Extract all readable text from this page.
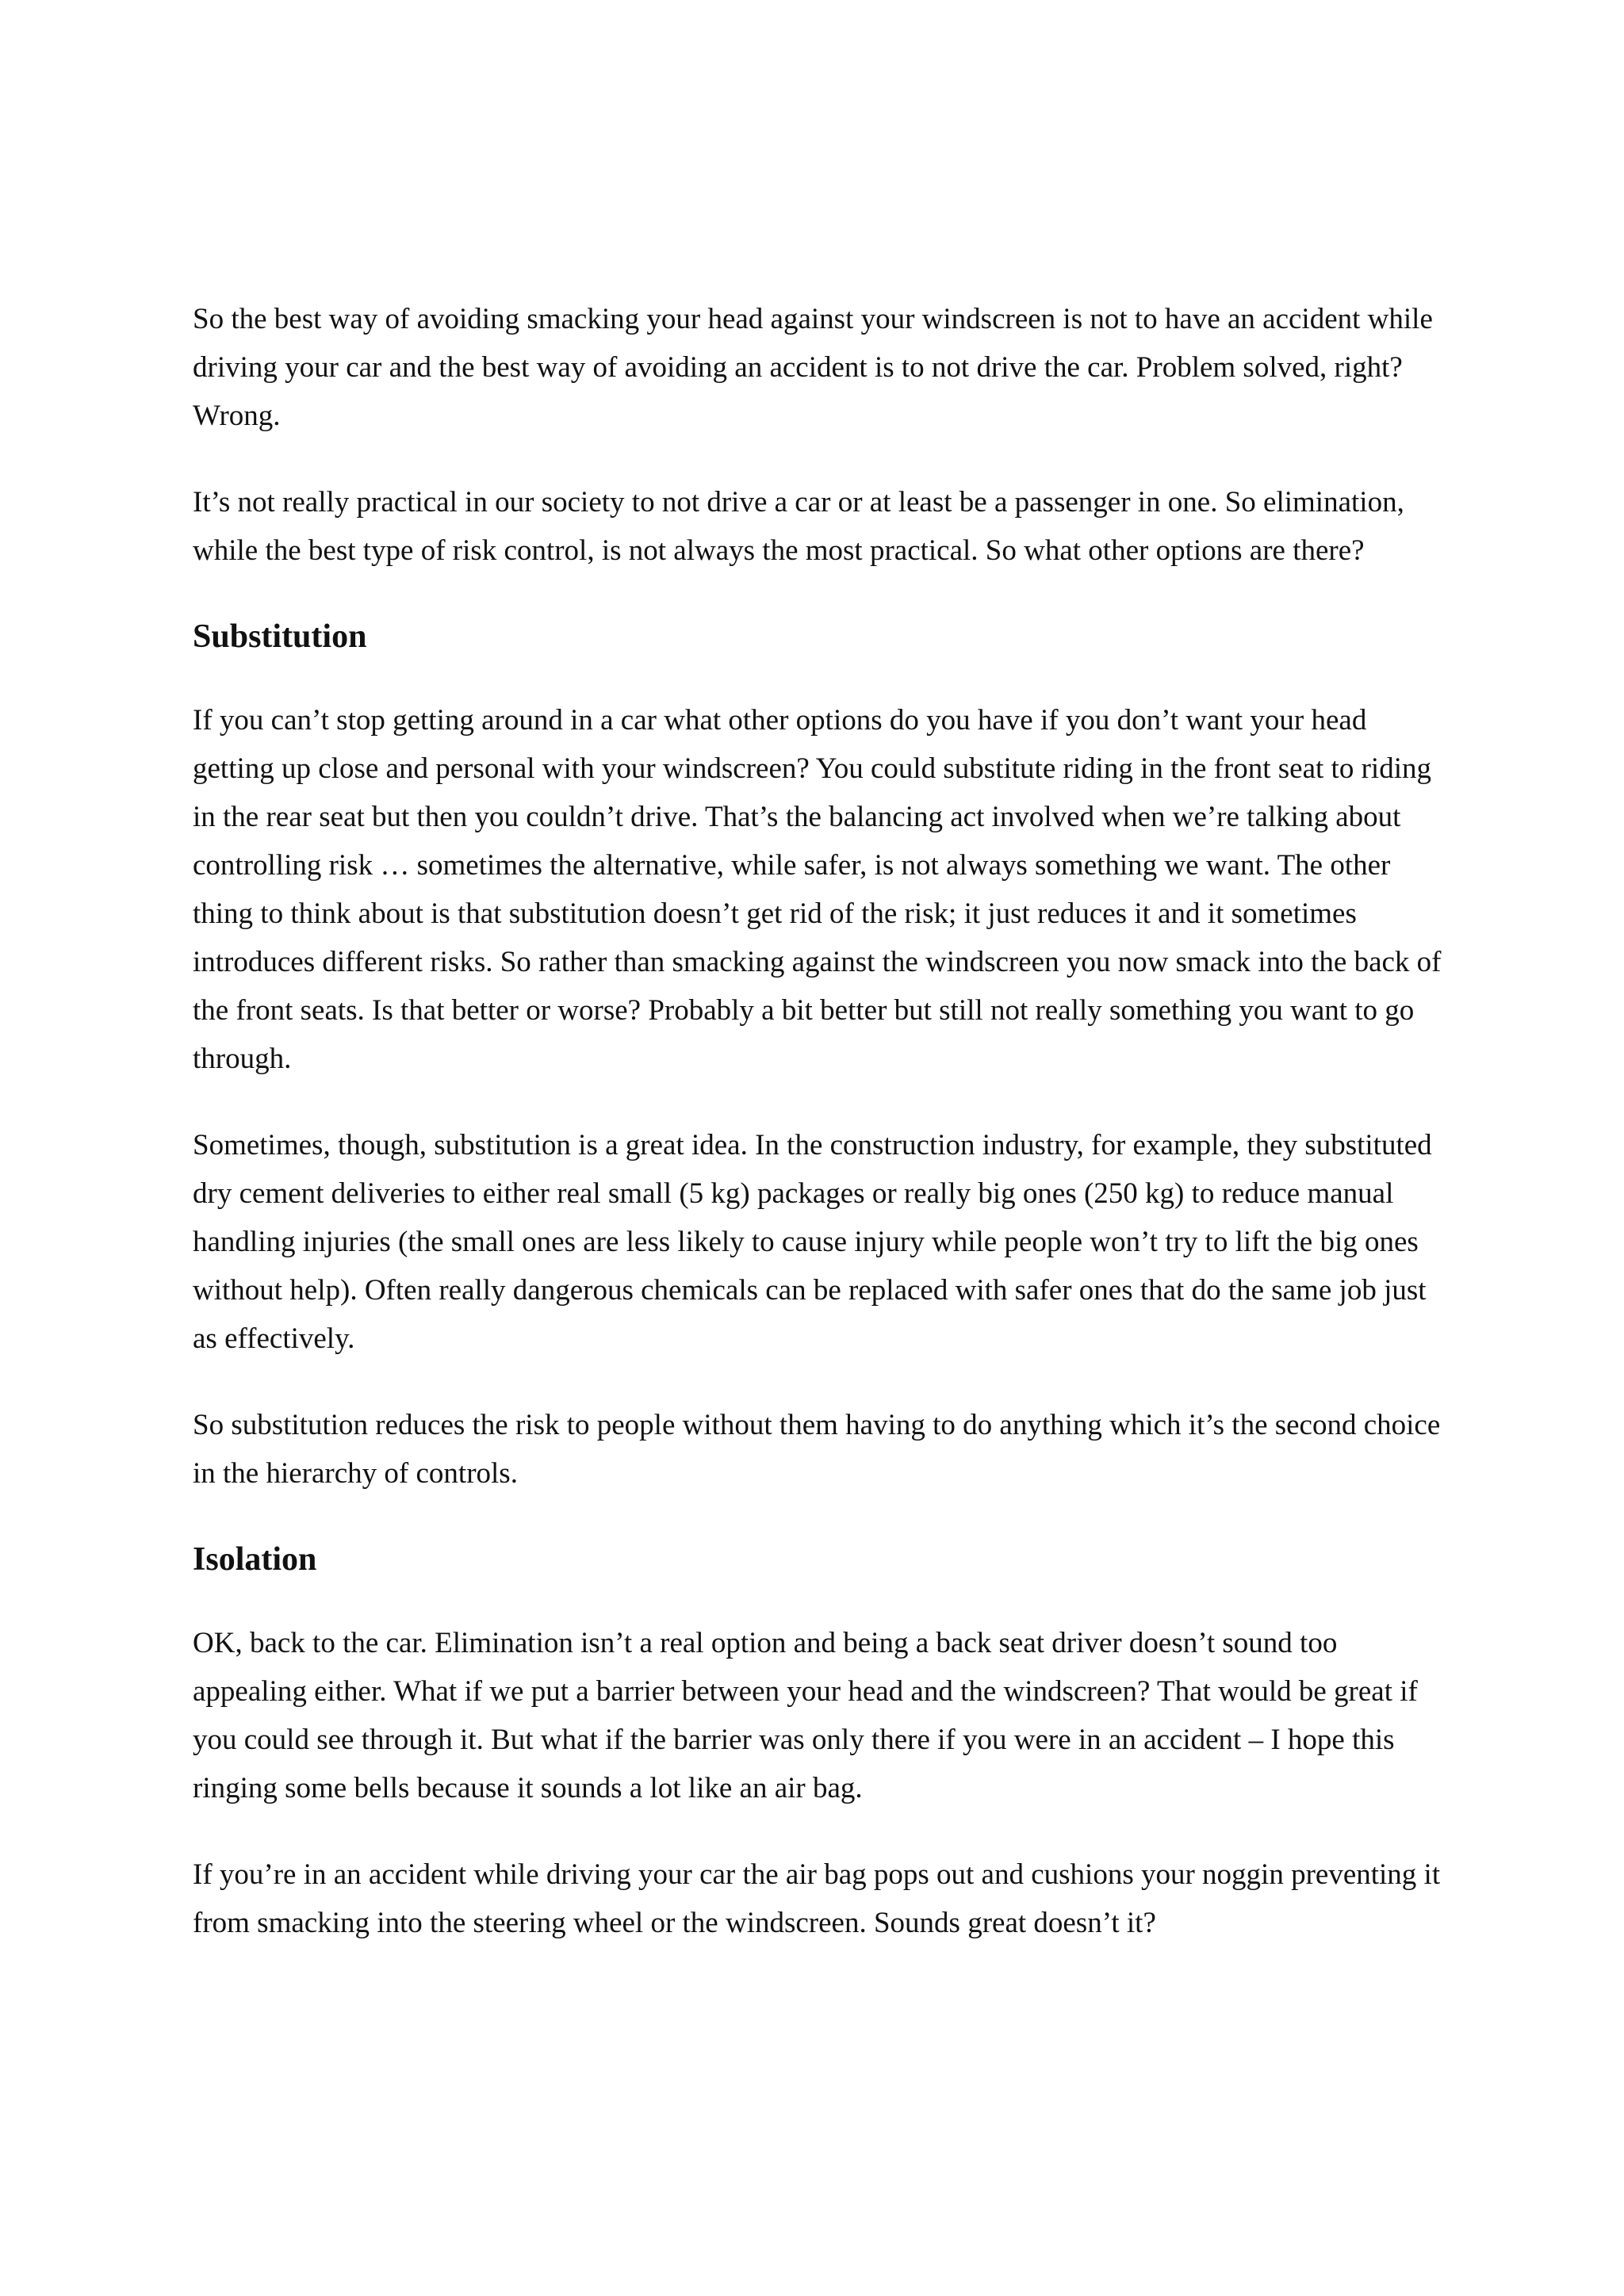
So the best way of avoiding smacking your head against your windscreen is not to have an accident while driving your car and the best way of avoiding an accident is to not drive the car. Problem solved, right? Wrong.

It’s not really practical in our society to not drive a car or at least be a passenger in one. So elimination, while the best type of risk control, is not always the most practical. So what other options are there?

Substitution

If you can’t stop getting around in a car what other options do you have if you don’t want your head getting up close and personal with your windscreen? You could substitute riding in the front seat to riding in the rear seat but then you couldn’t drive. That’s the balancing act involved when we’re talking about controlling risk … sometimes the alternative, while safer, is not always something we want. The other thing to think about is that substitution doesn’t get rid of the risk; it just reduces it and it sometimes introduces different risks. So rather than smacking against the windscreen you now smack into the back of the front seats. Is that better or worse? Probably a bit better but still not really something you want to go through.

Sometimes, though, substitution is a great idea. In the construction industry, for example, they substituted dry cement deliveries to either real small (5 kg) packages or really big ones (250 kg) to reduce manual handling injuries (the small ones are less likely to cause injury while people won’t try to lift the big ones without help). Often really dangerous chemicals can be replaced with safer ones that do the same job just as effectively.

So substitution reduces the risk to people without them having to do anything which it’s the second choice in the hierarchy of controls.

Isolation

OK, back to the car. Elimination isn’t a real option and being a back seat driver doesn’t sound too appealing either. What if we put a barrier between your head and the windscreen? That would be great if you could see through it. But what if the barrier was only there if you were in an accident – I hope this ringing some bells because it sounds a lot like an air bag.

If you’re in an accident while driving your car the air bag pops out and cushions your noggin preventing it from smacking into the steering wheel or the windscreen. Sounds great doesn’t it?
